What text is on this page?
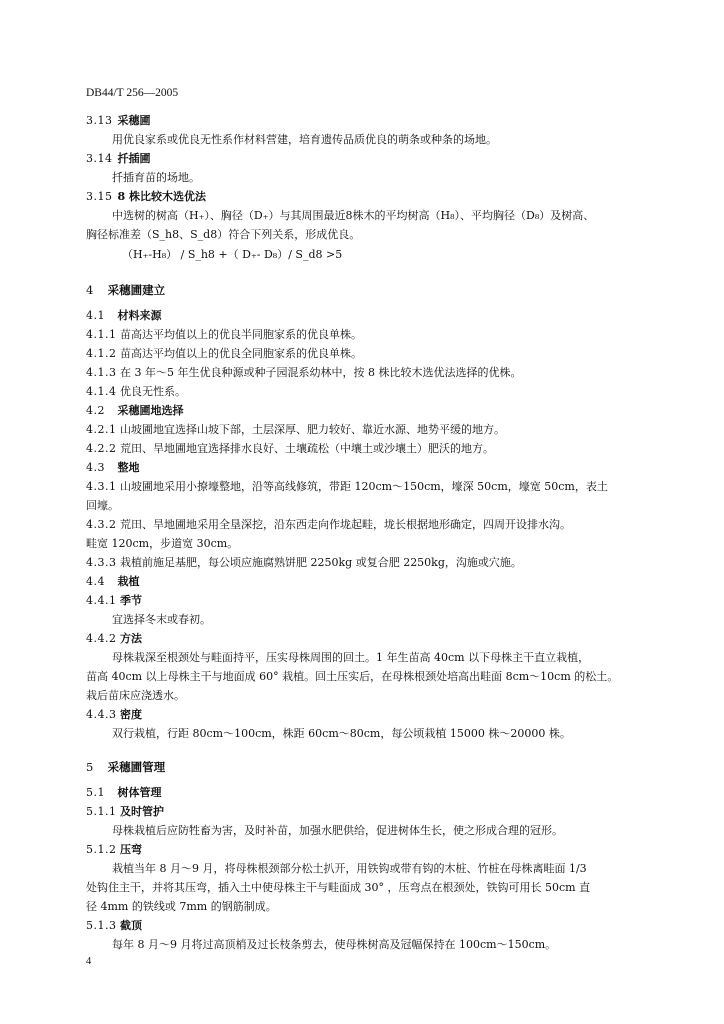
DB44/T 256—2005
3.13 采穗圃
用优良家系或优良无性系作材料营建，培育遗传品质优良的萌条或种条的场地。
3.14 扦插圃
扦插育苗的场地。
3.15 8 株比较木选优法
中选树的树高（H₊）、胸径（D₊）与其周围最近8株木的平均树高（H₈）、平均胸径（D₈）及树高、
胸径标准差（S_h8、S_d8）符合下列关系，形成优良。
（H₊-H₈） / S_h8 +（ D₊- D₈）/ S_d8 >5
4 采穗圃建立
4.1 材料来源
4.1.1 苗高达平均值以上的优良半同胞家系的优良单株。
4.1.2 苗高达平均值以上的优良全同胞家系的优良单株。
4.1.3 在 3 年～5 年生优良种源或种子园混系幼林中，按 8 株比较木选优法选择的优株。
4.1.4 优良无性系。
4.2 采穗圃地选择
4.2.1 山坡圃地宜选择山坡下部，土层深厚、肥力较好、靠近水源、地势平缓的地方。
4.2.2 荒田、旱地圃地宜选择排水良好、土壤疏松（中壤土或沙壤土）肥沃的地方。
4.3 整地
4.3.1 山坡圃地采用小撩壕整地，沿等高线修筑，带距 120cm～150cm，壕深 50cm，壕宽 50cm，表土
回壕。
4.3.2 荒田、旱地圃地采用全垦深挖，沿东西走向作垅起畦，垅长根据地形确定，四周开设排水沟。
畦宽 120cm，步道宽 30cm。
4.3.3 栽植前施足基肥，每公顷应施腐熟饼肥 2250kg 或复合肥 2250kg，沟施或穴施。
4.4 栽植
4.4.1 季节
宜选择冬末或春初。
4.4.2 方法
母株栽深至根颈处与畦面持平，压实母株周围的回土。1 年生苗高 40cm 以下母株主干直立栽植，
苗高 40cm 以上母株主干与地面成 60° 栽植。回土压实后，在母株根颈处培高出畦面 8cm～10cm 的松土。
栽后苗床应浇透水。
4.4.3 密度
双行栽植，行距 80cm～100cm，株距 60cm～80cm，每公顷栽植 15000 株～20000 株。
5 采穗圃管理
5.1 树体管理
5.1.1 及时管护
母株栽植后应防牲畜为害，及时补苗，加强水肥供给，促进树体生长，使之形成合理的冠形。
5.1.2 压弯
栽植当年 8 月～9 月，将母株根颈部分松土扒开，用铁钩或带有钩的木桩、竹桩在母株离畦面 1/3
处钩住主干，并将其压弯，插入土中使母株主干与畦面成 30° ，压弯点在根颈处，铁钩可用长 50cm 直
径 4mm 的铁线或 7mm 的钢筋制成。
5.1.3 截顶
每年 8 月～9 月将过高顶梢及过长枝条剪去，使母株树高及冠幅保持在 100cm～150cm。
4
